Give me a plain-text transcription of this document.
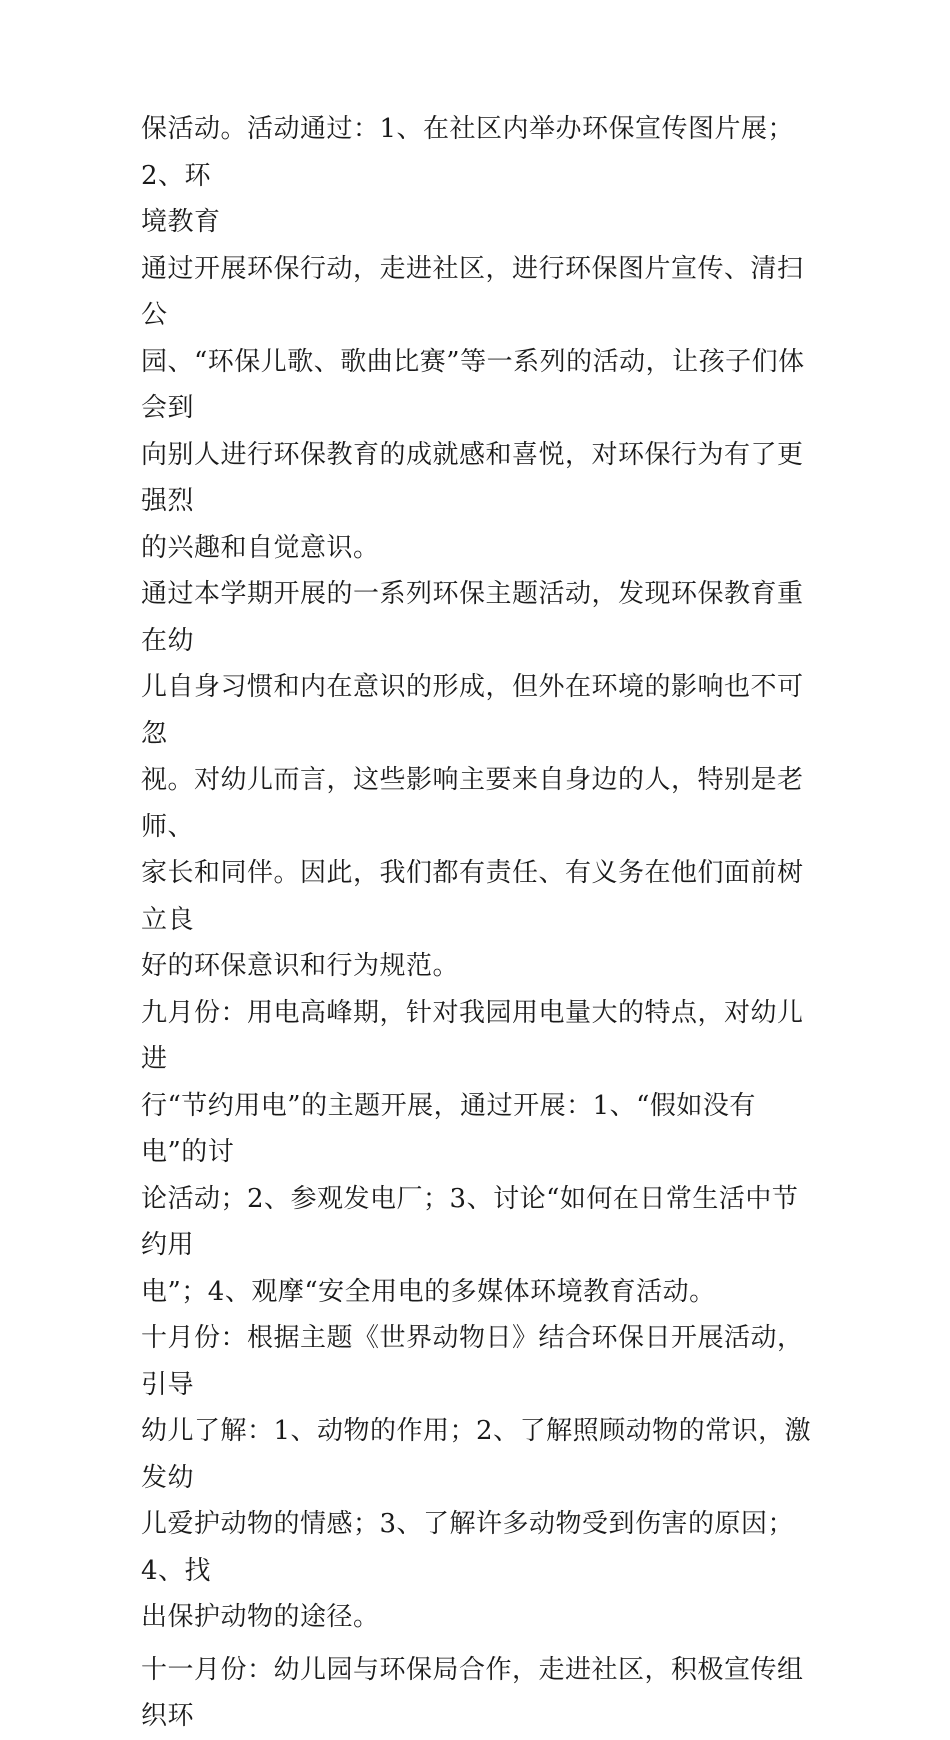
保活动。活动通过：1、在社区内举办环保宣传图片展；2、环
境教育

通过开展环保行动，走进社区，进行环保图片宣传、清扫公
园、“环保儿歌、歌曲比赛”等一系列的活动，让孩子们体会到
向别人进行环保教育的成就感和喜悦，对环保行为有了更强烈
的兴趣和自觉意识。

通过本学期开展的一系列环保主题活动，发现环保教育重在幼
儿自身习惯和内在意识的形成，但外在环境的影响也不可忽
视。对幼儿而言，这些影响主要来自身边的人，特别是老师、
家长和同伴。因此，我们都有责任、有义务在他们面前树立良
好的环保意识和行为规范。

九月份：用电高峰期，针对我园用电量大的特点，对幼儿进
行“节约用电”的主题开展，通过开展：1、“假如没有电”的讨
论活动；2、参观发电厂；3、讨论“如何在日常生活中节约用
电”；4、观摩“安全用电的多媒体环境教育活动。

十月份：根据主题《世界动物日》结合环保日开展活动，引导
幼儿了解：1、动物的作用；2、了解照顾动物的常识，激发幼
儿爱护动物的情感；3、了解许多动物受到伤害的原因；4、找
出保护动物的途径。

十一月份：幼儿园与环保局合作，走进社区，积极宣传组织环
